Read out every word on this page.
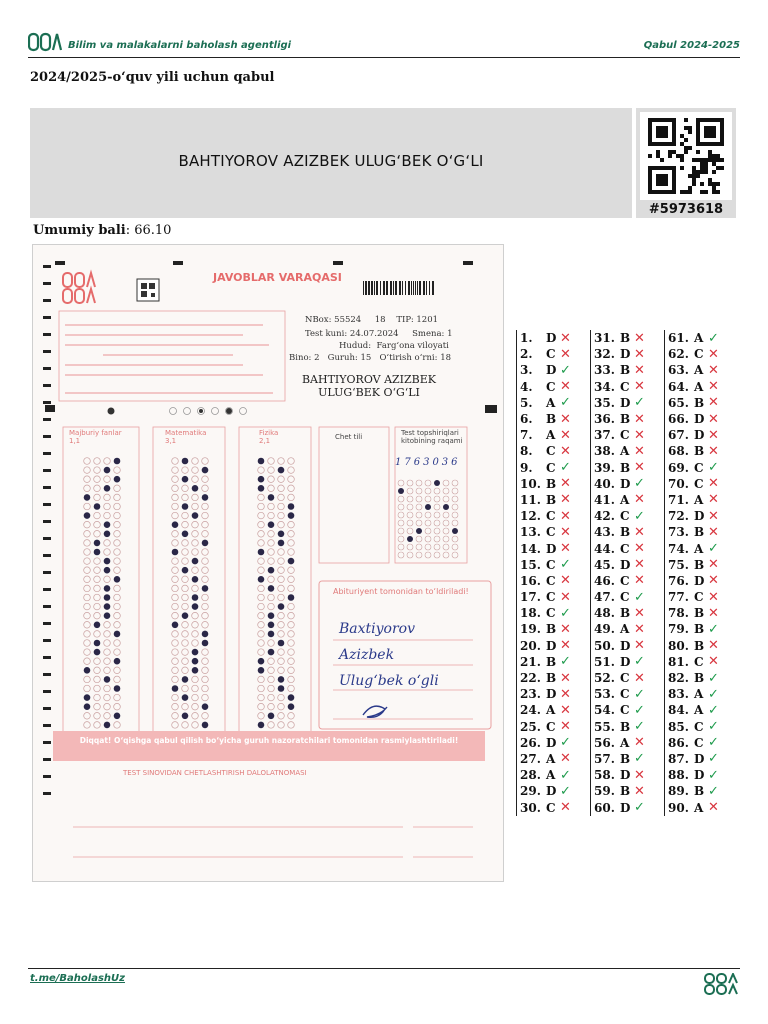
Bilim va malakalarni baholash agentligi	Qabul 2024-2025
2024/2025-o‘quv yili uchun qabul
BAHTIYOROV AZIZBEK ULUG‘BEK O‘G‘LI
#5973618
Umumiy bali: 66.10
JAVOBLAR VARAQASI
NBox: 55524 18 TIP: 1201
Test kuni: 24.07.2024 Smena: 1
Hudud: Farg‘ona viloyati
Bino: 2 Guruh: 15 O‘tirish o‘rni: 18
BAHTIYOROV AZIZBEK
ULUG‘BEK O‘G‘LI
Majburiy fanlar
1,1
Matematika
3,1
Fizika
2,1	Chet tili	Test topshiriqlari kitobining raqami
1763036
Abituriyent tomonidan to‘ldiriladi!
Baxtiyorov
Azizbek
Ulug‘bek o‘gli
Diqqat! O‘qishga qabul qilish bo‘yicha guruh nazoratchilari tomonidan rasmiylashtiriladi!
TEST SINOVIDAN CHETLASHTIRISH DALOLATNOMASI
1.	D ✕
2.	C ✕
3.	D ✓
4.	C ✕
5.	A ✓
6.	B ✕
7.	A ✕
8.	C ✕
9.	C ✓
10. B ✕
11. B ✕
12. C ✕
13. C ✕
14. D ✕
15. C ✓
16. C ✕
17. C ✕
18. C ✓
19. B ✕
20. D ✕
21. B ✓
22. B ✕
23. D ✕
24. A ✕
25. C ✕
26. D ✓
27. A ✕
28. A ✓
29. D ✓
30. C ✕
31. B ✕
32. D ✕
33. B ✕
34. C ✕
35. D ✓
36. B ✕
37. C ✕
38. A ✕
39. B ✕
40. D ✓
41. A ✕
42. C ✓
43. B ✕
44. C ✕
45. D ✕
46. C ✕
47. C ✓
48. B ✕
49. A ✕
50. D ✕
51. D ✓
52. C ✕
53. C ✓
54. C ✓
55. B ✓
56. A ✕
57. B ✓
58. D ✕
59. B ✕
60. D ✓
61. A ✓
62. C ✕
63. A ✕
64. A ✕
65. B ✕
66. D ✕
67. D ✕
68. B ✕
69. C ✓
70. C ✕
71. A ✕
72. D ✕
73. B ✕
74. A ✓
75. B ✕
76. D ✕
77. C ✕
78. B ✕
79. B ✓
80. B ✕
81. C ✕
82. B ✓
83. A ✓
84. A ✓
85. C ✓
86. C ✓
87. D ✓
88. D ✓
89. B ✓
90. A ✕
t.me/BaholashUz
